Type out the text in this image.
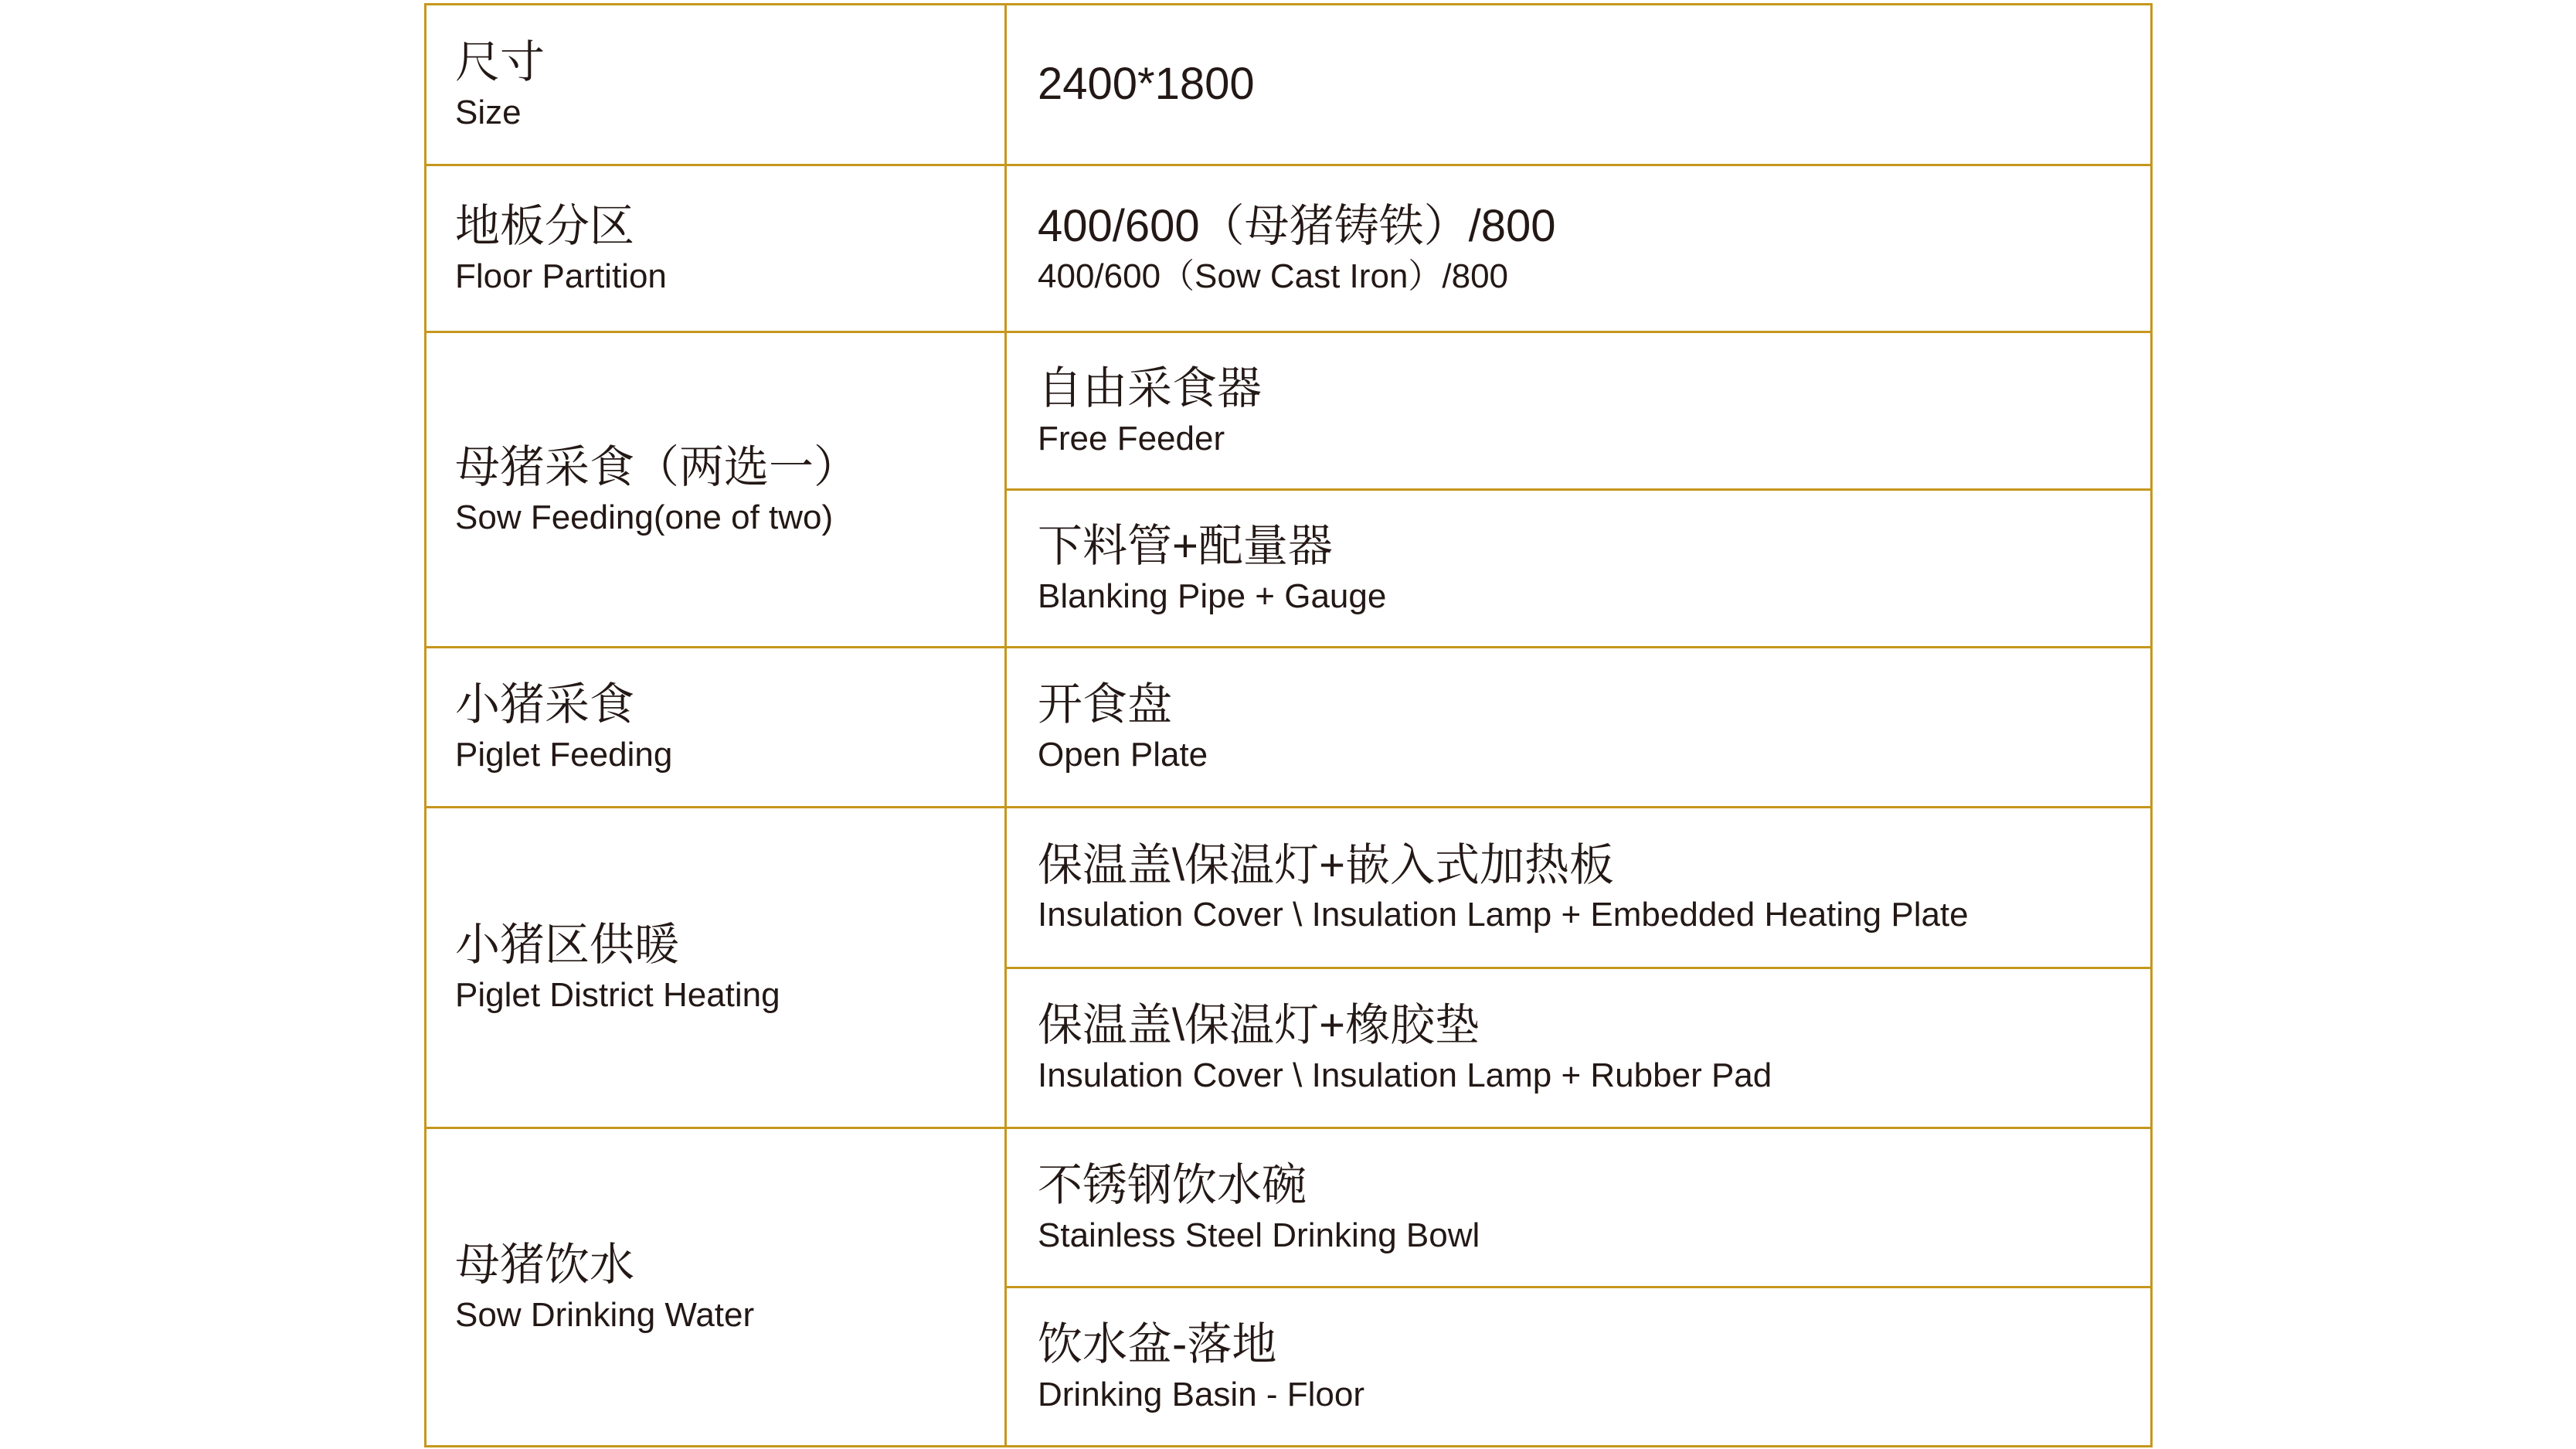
尺寸
Size
2400*1800
地板分区
Floor Partition
400/600（母猪铸铁）/800
400/600（Sow Cast Iron）/800
母猪采食（两选一）
Sow Feeding(one of two)
自由采食器
Free Feeder
下料管+配量器
Blanking Pipe + Gauge
小猪采食
Piglet Feeding
开食盘
Open Plate
小猪区供暖
Piglet District Heating
保温盖\保温灯+嵌入式加热板
Insulation Cover \ Insulation Lamp + Embedded Heating Plate
保温盖\保温灯+橡胶垫
Insulation Cover \ Insulation Lamp + Rubber Pad
母猪饮水
Sow Drinking Water
不锈钢饮水碗
Stainless Steel Drinking Bowl
饮水盆-落地
Drinking Basin - Floor
